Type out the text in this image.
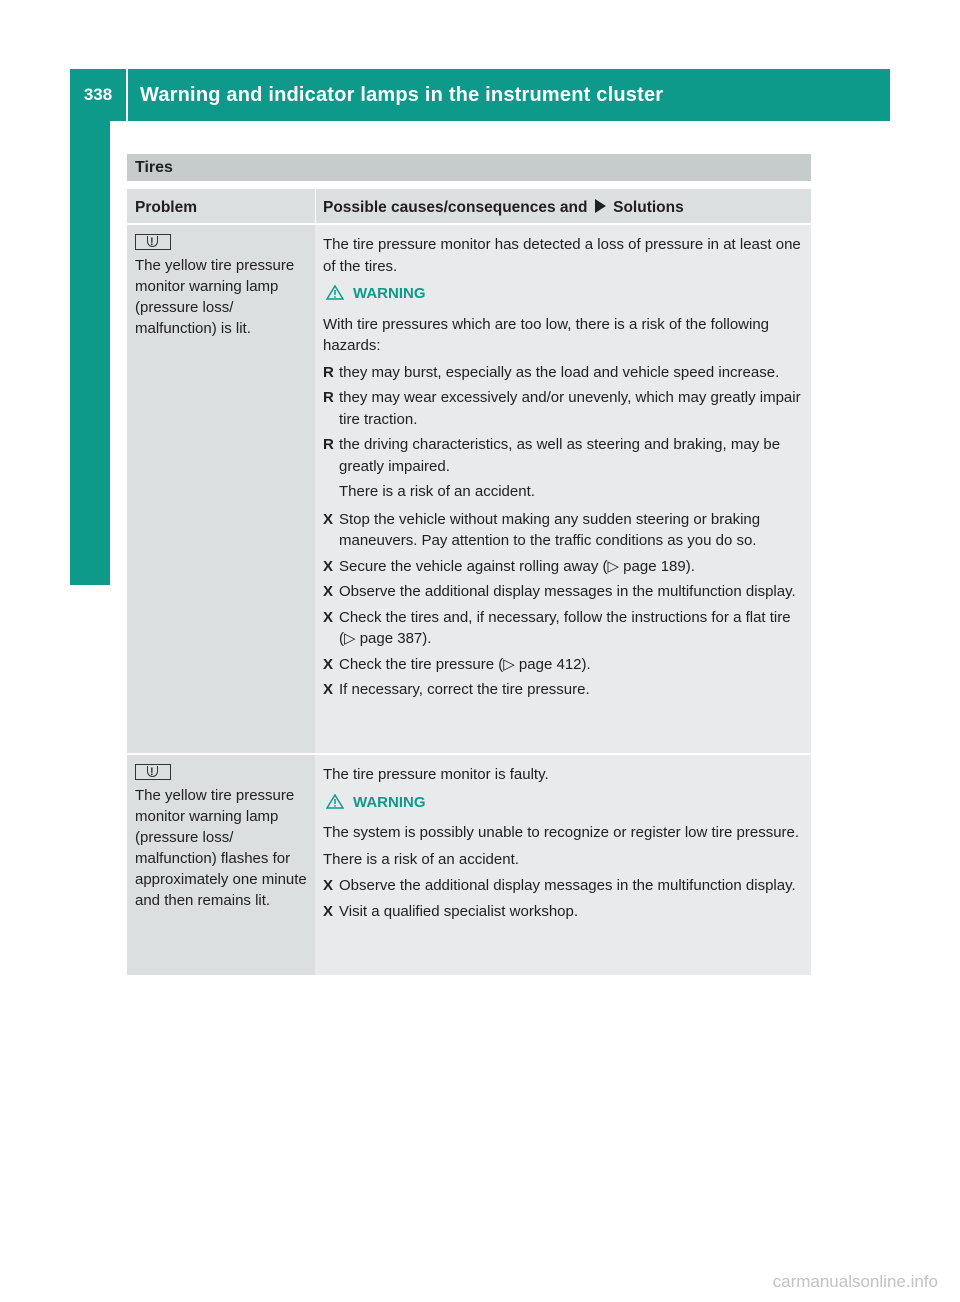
338	Warning and indicator lamps in the instrument cluster
On-board computer and displays
Tires
Problem	Possible causes/consequences and Solutions
!
The yellow tire pressure monitor warning lamp (pressure loss/ malfunction) is lit.

The tire pressure monitor has detected a loss of pressure in at least one of the tires.

WARNING

With tire pressures which are too low, there is a risk of the following hazards:

R they may burst, especially as the load and vehicle speed increase.
R they may wear excessively and/or unevenly, which may greatly impair tire traction.
R the driving characteristics, as well as steering and braking, may be greatly impaired.

There is a risk of an accident.

X Stop the vehicle without making any sudden steering or braking maneuvers. Pay attention to the traffic conditions as you do so.
X Secure the vehicle against rolling away (▷ page 189).
X Observe the additional display messages in the multifunction display.
X Check the tires and, if necessary, follow the instructions for a flat tire (▷ page 387).
X Check the tire pressure (▷ page 412).
X If necessary, correct the tire pressure.
!
The yellow tire pressure monitor warning lamp (pressure loss/ malfunction) flashes for approximately one minute and then remains lit.

The tire pressure monitor is faulty.

WARNING

The system is possibly unable to recognize or register low tire pressure.

There is a risk of an accident.

X Observe the additional display messages in the multifunction display.
X Visit a qualified specialist workshop.
carmanualsonline.info
